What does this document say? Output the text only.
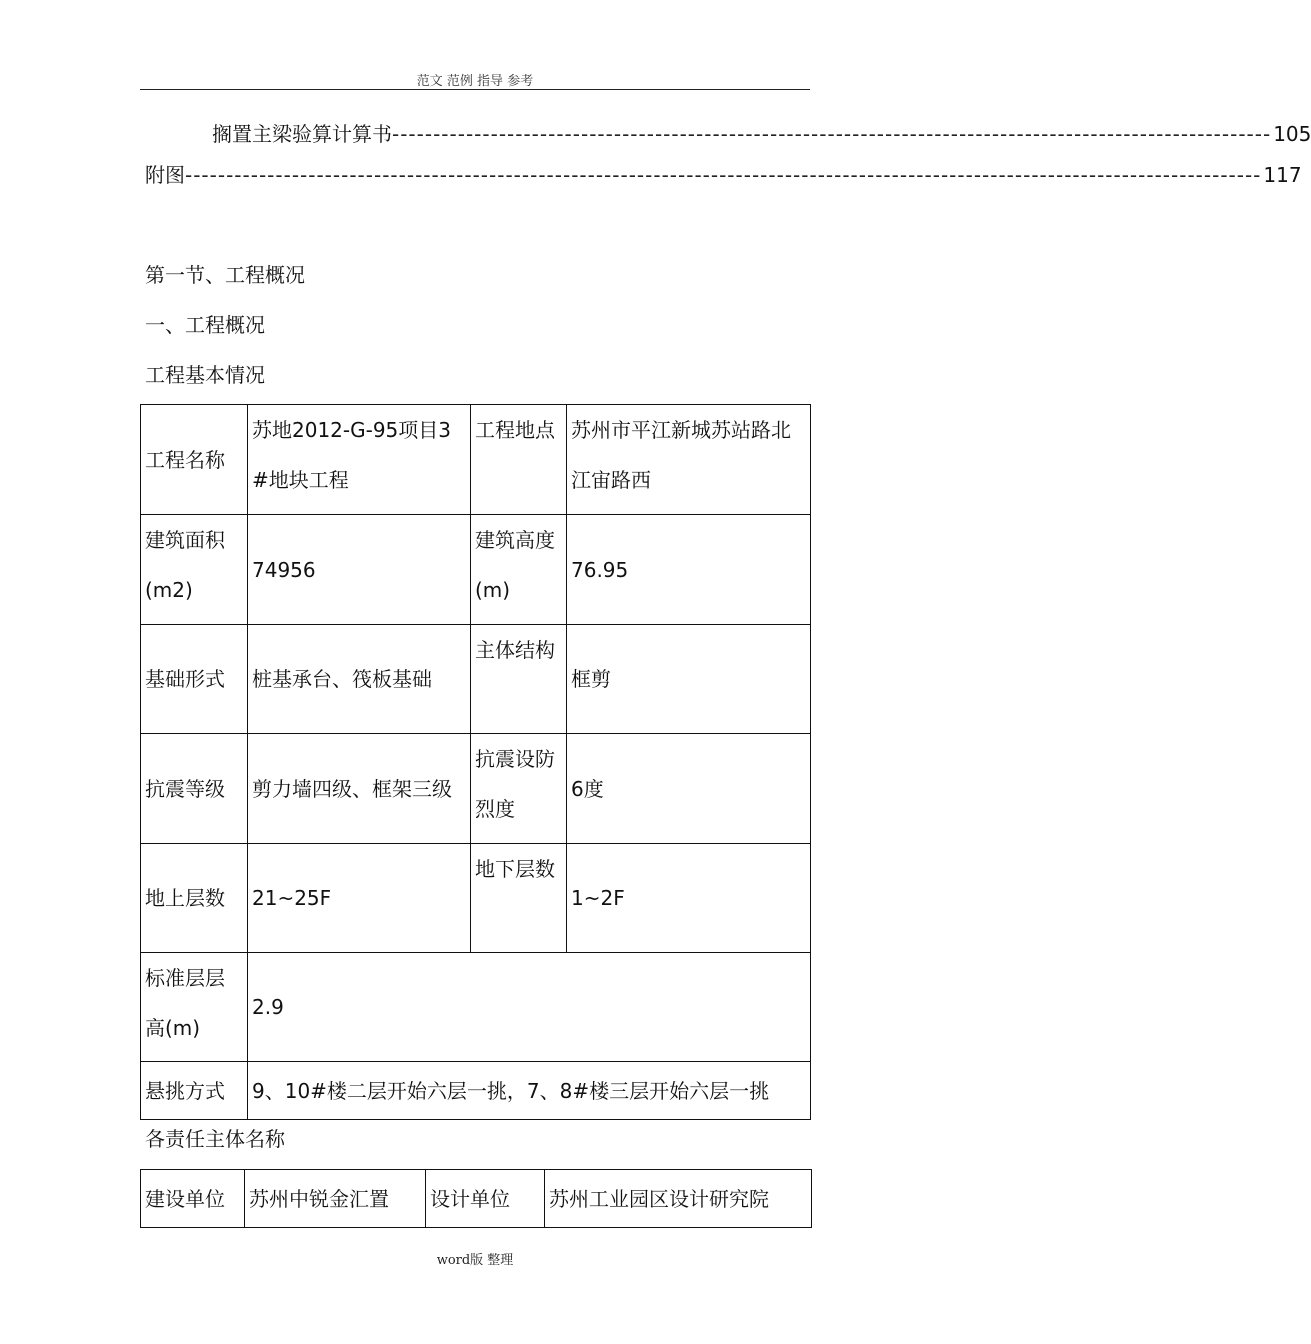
范文 范例 指导 参考
搁置主梁验算计算书 ----------------------------------------------------------------------------------------------------------- 105
附图 ----------------------------------------------------------------------------------------------------------------------------------- 117
第一节、工程概况
一、工程概况
工程基本情况
工程名称	苏地2012-G-95项目3#地块工程	工程地点	苏州市平江新城苏站路北江宙路西
建筑面积(m2)	74956	建筑高度(m)	76.95
基础形式	桩基承台、筏板基础	主体结构	框剪
抗震等级	剪力墙四级、框架三级	抗震设防烈度	6度
地上层数	21~25F	地下层数	1~2F
标准层层高(m)	2.9		
悬挑方式	9、10#楼二层开始六层一挑，7、8#楼三层开始六层一挑		
各责任主体名称
建设单位	苏州中锐金汇置	设计单位	苏州工业园区设计研究院
word版 整理
